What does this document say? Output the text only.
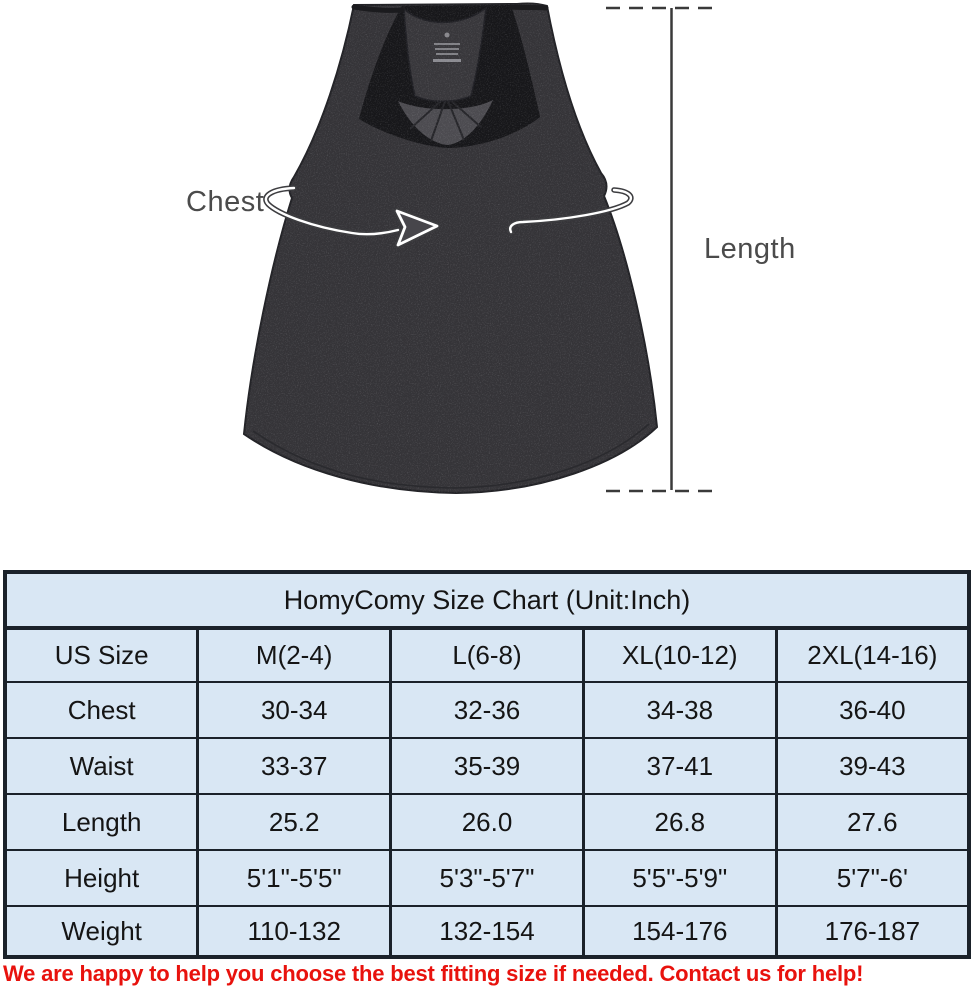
Chest
Length
HomyComy Size Chart (Unit:Inch)				
US Size	M(2-4)	L(6-8)	XL(10-12)	2XL(14-16)
Chest	30-34	32-36	34-38	36-40
Waist	33-37	35-39	37-41	39-43
Length	25.2	26.0	26.8	27.6
Height	5'1"-5'5"	5'3"-5'7"	5'5"-5'9"	5'7"-6'
Weight	110-132	132-154	154-176	176-187
We are happy to help you choose the best fitting size if needed. Contact us for help!
